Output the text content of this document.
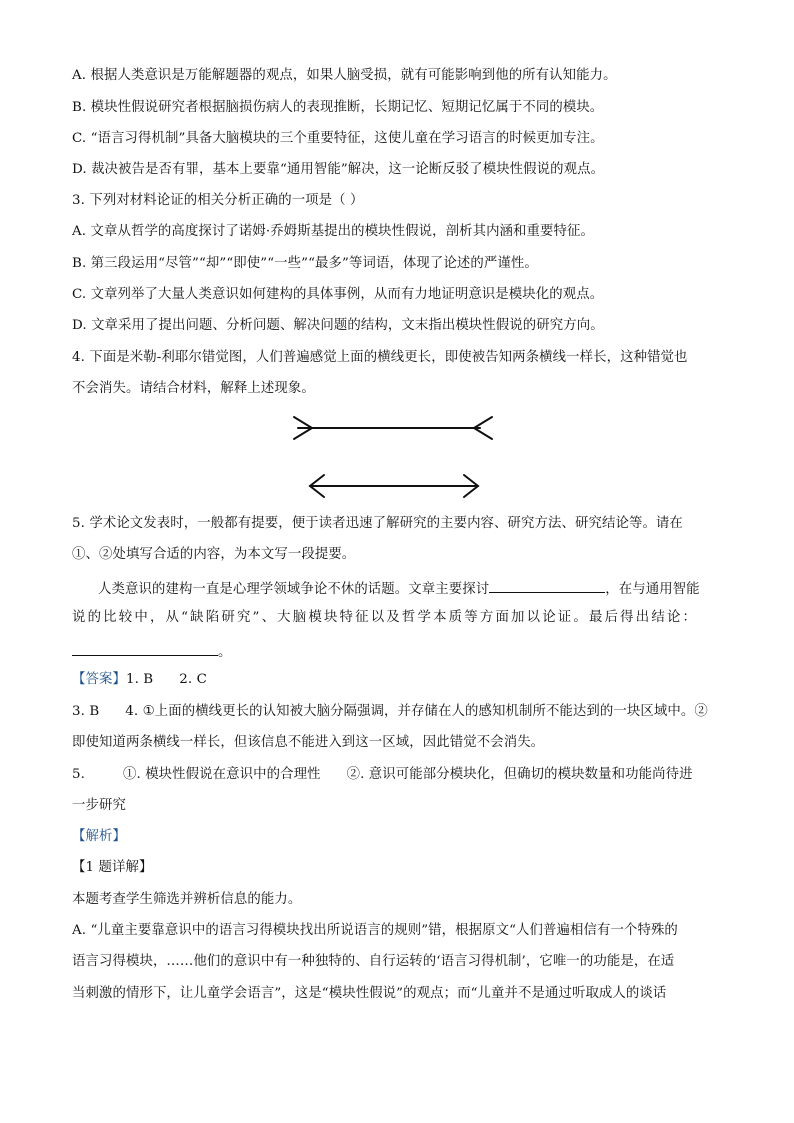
A. 根据人类意识是万能解题器的观点，如果人脑受损，就有可能影响到他的所有认知能力。
B. 模块性假说研究者根据脑损伤病人的表现推断，长期记忆、短期记忆属于不同的模块。
C. “语言习得机制”具备大脑模块的三个重要特征，这使儿童在学习语言的时候更加专注。
D. 裁决被告是否有罪，基本上要靠“通用智能”解决，这一论断反驳了模块性假说的观点。
3. 下列对材料论证的相关分析正确的一项是（ ）
A. 文章从哲学的高度探讨了诺姆·乔姆斯基提出的模块性假说，剖析其内涵和重要特征。
B. 第三段运用“尽管”“却”“即使”“一些”“最多”等词语，体现了论述的严谨性。
C. 文章列举了大量人类意识如何建构的具体事例，从而有力地证明意识是模块化的观点。
D. 文章采用了提出问题、分析问题、解决问题的结构，文末指出模块性假说的研究方向。
4. 下面是米勒-利耶尔错觉图，人们普遍感觉上面的横线更长，即使被告知两条横线一样长，这种错觉也
不会消失。请结合材料，解释上述现象。
5. 学术论文发表时，一般都有提要，便于读者迅速了解研究的主要内容、研究方法、研究结论等。请在
①、②处填写合适的内容，为本文写一段提要。
人类意识的建构一直是心理学领域争论不休的话题。文章主要探讨	，在与通用智能
说的比较中，从“缺陷研究”、大脑模块特征以及哲学本质等方面加以论证。最后得出结论：
。
【答案】1. B 2. C
3. B 4. ①上面的横线更长的认知被大脑分隔强调，并存储在人的感知机制所不能达到的一块区域中。②
即使知道两条横线一样长，但该信息不能进入到这一区域，因此错觉不会消失。
5.	①. 模块性假说在意识中的合理性 ②. 意识可能部分模块化，但确切的模块数量和功能尚待进
一步研究
【解析】
【1 题详解】
本题考查学生筛选并辨析信息的能力。
A. “儿童主要靠意识中的语言习得模块找出所说语言的规则”错，根据原文“人们普遍相信有一个特殊的
语言习得模块，……他们的意识中有一种独特的、自行运转的‘语言习得机制’，它唯一的功能是，在适
当刺激的情形下，让儿童学会语言”，这是“模块性假说”的观点；而“儿童并不是通过听取成人的谈话
